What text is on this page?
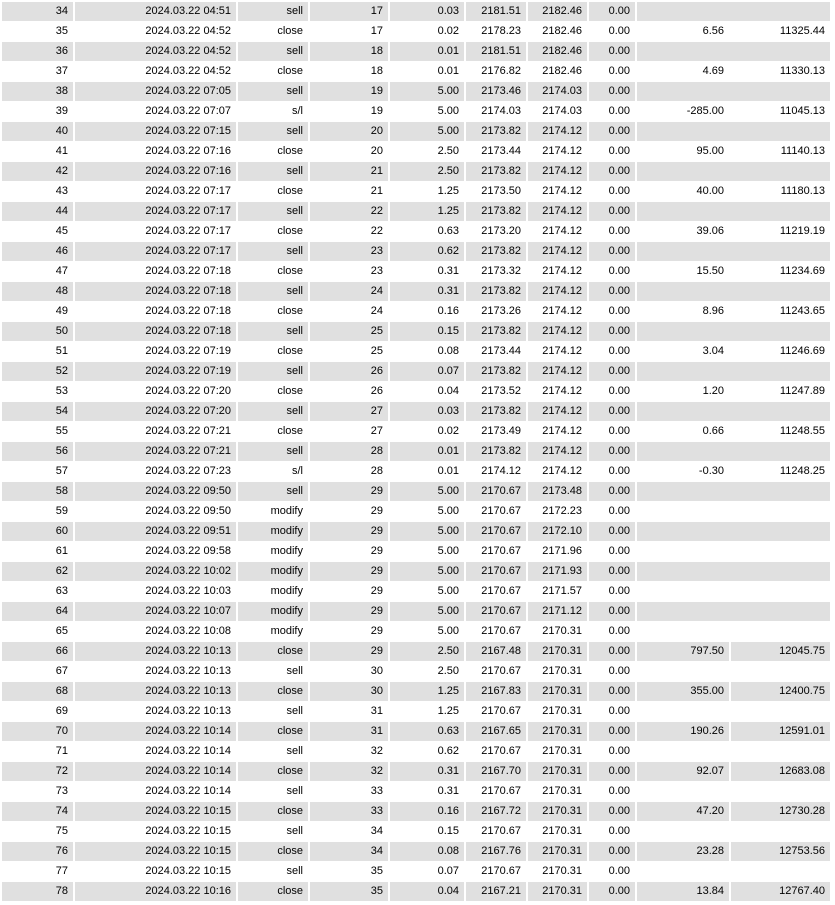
34	2024.03.22 04:51	sell	17	0.03	2181.51	2182.46	0.00		
35	2024.03.22 04:52	close	17	0.02	2178.23	2182.46	0.00	6.56	11325.44
36	2024.03.22 04:52	sell	18	0.01	2181.51	2182.46	0.00		
37	2024.03.22 04:52	close	18	0.01	2176.82	2182.46	0.00	4.69	11330.13
38	2024.03.22 07:05	sell	19	5.00	2173.46	2174.03	0.00		
39	2024.03.22 07:07	s/l	19	5.00	2174.03	2174.03	0.00	-285.00	11045.13
40	2024.03.22 07:15	sell	20	5.00	2173.82	2174.12	0.00		
41	2024.03.22 07:16	close	20	2.50	2173.44	2174.12	0.00	95.00	11140.13
42	2024.03.22 07:16	sell	21	2.50	2173.82	2174.12	0.00		
43	2024.03.22 07:17	close	21	1.25	2173.50	2174.12	0.00	40.00	11180.13
44	2024.03.22 07:17	sell	22	1.25	2173.82	2174.12	0.00		
45	2024.03.22 07:17	close	22	0.63	2173.20	2174.12	0.00	39.06	11219.19
46	2024.03.22 07:17	sell	23	0.62	2173.82	2174.12	0.00		
47	2024.03.22 07:18	close	23	0.31	2173.32	2174.12	0.00	15.50	11234.69
48	2024.03.22 07:18	sell	24	0.31	2173.82	2174.12	0.00		
49	2024.03.22 07:18	close	24	0.16	2173.26	2174.12	0.00	8.96	11243.65
50	2024.03.22 07:18	sell	25	0.15	2173.82	2174.12	0.00		
51	2024.03.22 07:19	close	25	0.08	2173.44	2174.12	0.00	3.04	11246.69
52	2024.03.22 07:19	sell	26	0.07	2173.82	2174.12	0.00		
53	2024.03.22 07:20	close	26	0.04	2173.52	2174.12	0.00	1.20	11247.89
54	2024.03.22 07:20	sell	27	0.03	2173.82	2174.12	0.00		
55	2024.03.22 07:21	close	27	0.02	2173.49	2174.12	0.00	0.66	11248.55
56	2024.03.22 07:21	sell	28	0.01	2173.82	2174.12	0.00		
57	2024.03.22 07:23	s/l	28	0.01	2174.12	2174.12	0.00	-0.30	11248.25
58	2024.03.22 09:50	sell	29	5.00	2170.67	2173.48	0.00		
59	2024.03.22 09:50	modify	29	5.00	2170.67	2172.23	0.00		
60	2024.03.22 09:51	modify	29	5.00	2170.67	2172.10	0.00		
61	2024.03.22 09:58	modify	29	5.00	2170.67	2171.96	0.00		
62	2024.03.22 10:02	modify	29	5.00	2170.67	2171.93	0.00		
63	2024.03.22 10:03	modify	29	5.00	2170.67	2171.57	0.00		
64	2024.03.22 10:07	modify	29	5.00	2170.67	2171.12	0.00		
65	2024.03.22 10:08	modify	29	5.00	2170.67	2170.31	0.00		
66	2024.03.22 10:13	close	29	2.50	2167.48	2170.31	0.00	797.50	12045.75
67	2024.03.22 10:13	sell	30	2.50	2170.67	2170.31	0.00		
68	2024.03.22 10:13	close	30	1.25	2167.83	2170.31	0.00	355.00	12400.75
69	2024.03.22 10:13	sell	31	1.25	2170.67	2170.31	0.00		
70	2024.03.22 10:14	close	31	0.63	2167.65	2170.31	0.00	190.26	12591.01
71	2024.03.22 10:14	sell	32	0.62	2170.67	2170.31	0.00		
72	2024.03.22 10:14	close	32	0.31	2167.70	2170.31	0.00	92.07	12683.08
73	2024.03.22 10:14	sell	33	0.31	2170.67	2170.31	0.00		
74	2024.03.22 10:15	close	33	0.16	2167.72	2170.31	0.00	47.20	12730.28
75	2024.03.22 10:15	sell	34	0.15	2170.67	2170.31	0.00		
76	2024.03.22 10:15	close	34	0.08	2167.76	2170.31	0.00	23.28	12753.56
77	2024.03.22 10:15	sell	35	0.07	2170.67	2170.31	0.00		
78	2024.03.22 10:16	close	35	0.04	2167.21	2170.31	0.00	13.84	12767.40
